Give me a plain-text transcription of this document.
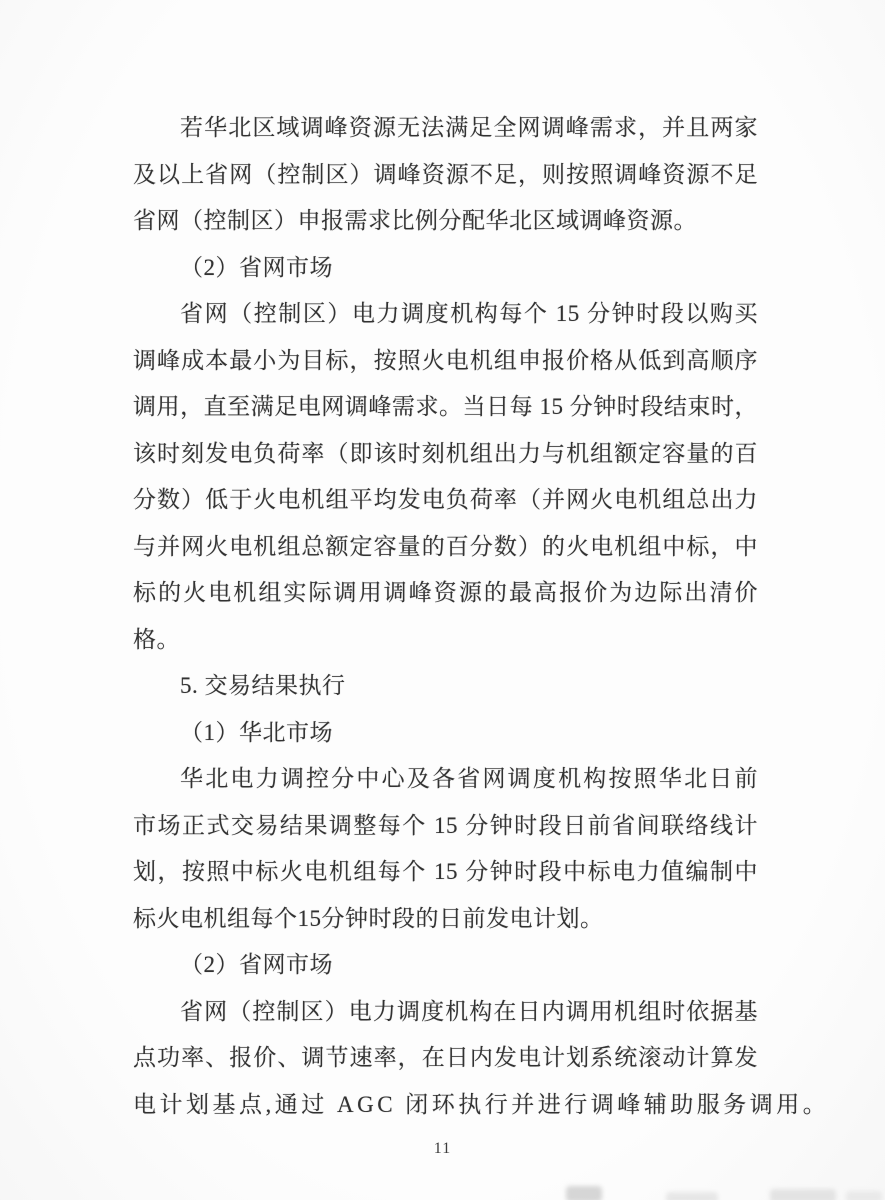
若华北区域调峰资源无法满足全网调峰需求，并且两家
及以上省网（控制区）调峰资源不足，则按照调峰资源不足
省网（控制区）申报需求比例分配华北区域调峰资源。
（2）省网市场
省网（控制区）电力调度机构每个 15 分钟时段以购买
调峰成本最小为目标，按照火电机组申报价格从低到高顺序
调用，直至满足电网调峰需求。当日每 15 分钟时段结束时，
该时刻发电负荷率（即该时刻机组出力与机组额定容量的百
分数）低于火电机组平均发电负荷率（并网火电机组总出力
与并网火电机组总额定容量的百分数）的火电机组中标，中
标的火电机组实际调用调峰资源的最高报价为边际出清价
格。
5. 交易结果执行
（1）华北市场
华北电力调控分中心及各省网调度机构按照华北日前
市场正式交易结果调整每个 15 分钟时段日前省间联络线计
划，按照中标火电机组每个 15 分钟时段中标电力值编制中
标火电机组每个15分钟时段的日前发电计划。
（2）省网市场
省网（控制区）电力调度机构在日内调用机组时依据基
点功率、报价、调节速率，在日内发电计划系统滚动计算发
电计划基点,通过 AGC 闭环执行并进行调峰辅助服务调用。
11
